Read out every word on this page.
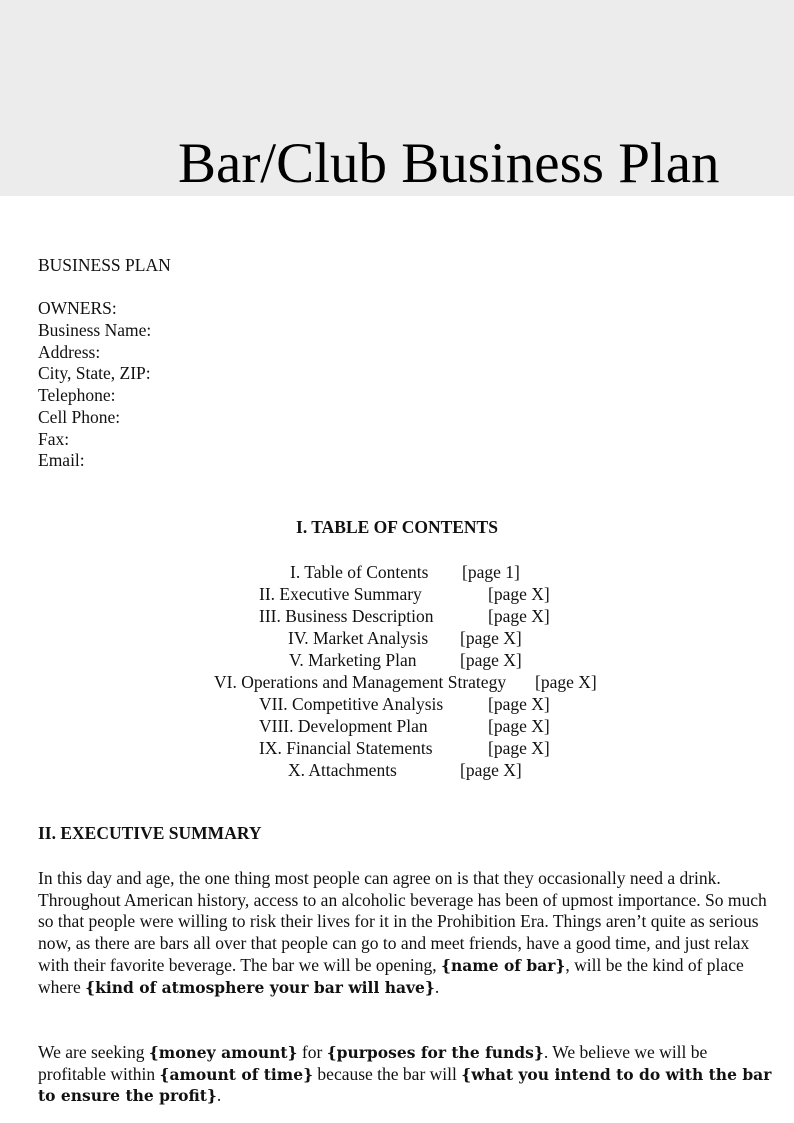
Bar/Club Business Plan
BUSINESS PLAN
OWNERS:
Business Name:
Address:
City, State, ZIP:
Telephone:
Cell Phone:
Fax:
Email:
I. TABLE OF CONTENTS
I. Table of Contents [page 1]
II. Executive Summary	[page X]
III. Business Description	[page X]
IV. Market Analysis [page X]
V. Marketing Plan [page X]
VI. Operations and Management Strategy [page X]
VII. Competitive Analysis	[page X]
VIII. Development Plan	[page X]
IX. Financial Statements	[page X]
X. Attachments	[page X]
II. EXECUTIVE SUMMARY
In this day and age, the one thing most people can agree on is that they occasionally need a drink. Throughout American history, access to an alcoholic beverage has been of upmost importance. So much so that people were willing to risk their lives for it in the Prohibition Era. Things aren’t quite as serious now, as there are bars all over that people can go to and meet friends, have a good time, and just relax with their favorite beverage. The bar we will be opening, {name of bar}, will be the kind of place where {kind of atmosphere your bar will have}.
We are seeking {money amount} for {purposes for the funds}. We believe we will be profitable within {amount of time} because the bar will {what you intend to do with the bar to ensure the profit}.
